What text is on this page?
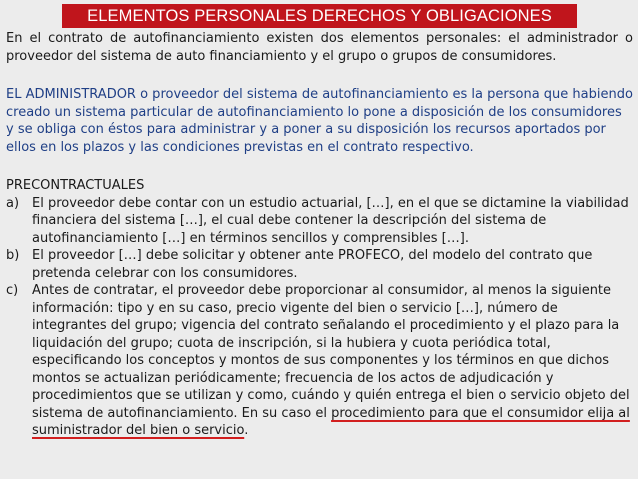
ELEMENTOS PERSONALES DERECHOS Y OBLIGACIONES

En el contrato de autofinanciamiento existen dos elementos personales: el administrador o proveedor del sistema de auto financiamiento y el grupo o grupos de consumidores.

EL ADMINISTRADOR o proveedor del sistema de autofinanciamiento es la persona que habiendo creado un sistema particular de autofinanciamiento lo pone a disposición de los consumidores y se obliga con éstos para administrar y a poner a su disposición los recursos aportados por ellos en los plazos y las condiciones previstas en el contrato respectivo.

PRECONTRACTUALES

a) El proveedor debe contar con un estudio actuarial, […], en el que se dictamine la viabilidad financiera del sistema […], el cual debe contener la descripción del sistema de autofinanciamiento […] en términos sencillos y comprensibles […].
b) El proveedor […] debe solicitar y obtener ante PROFECO, del modelo del contrato que pretenda celebrar con los consumidores.
c)	Antes de contratar, el proveedor debe proporcionar al consumidor, al menos la siguiente información: tipo y en su caso, precio vigente del bien o servicio […], número de integrantes del grupo; vigencia del contrato señalando el procedimiento y el plazo para la liquidación del grupo; cuota de inscripción, si la hubiera y cuota periódica total, especificando los conceptos y montos de sus componentes y los términos en que dichos montos se actualizan periódicamente; frecuencia de los actos de adjudicación y procedimientos que se utilizan y como, cuándo y quién entrega el bien o servicio objeto del sistema de autofinanciamiento. En su caso el procedimiento para que el consumidor elija al suministrador del bien o servicio.
